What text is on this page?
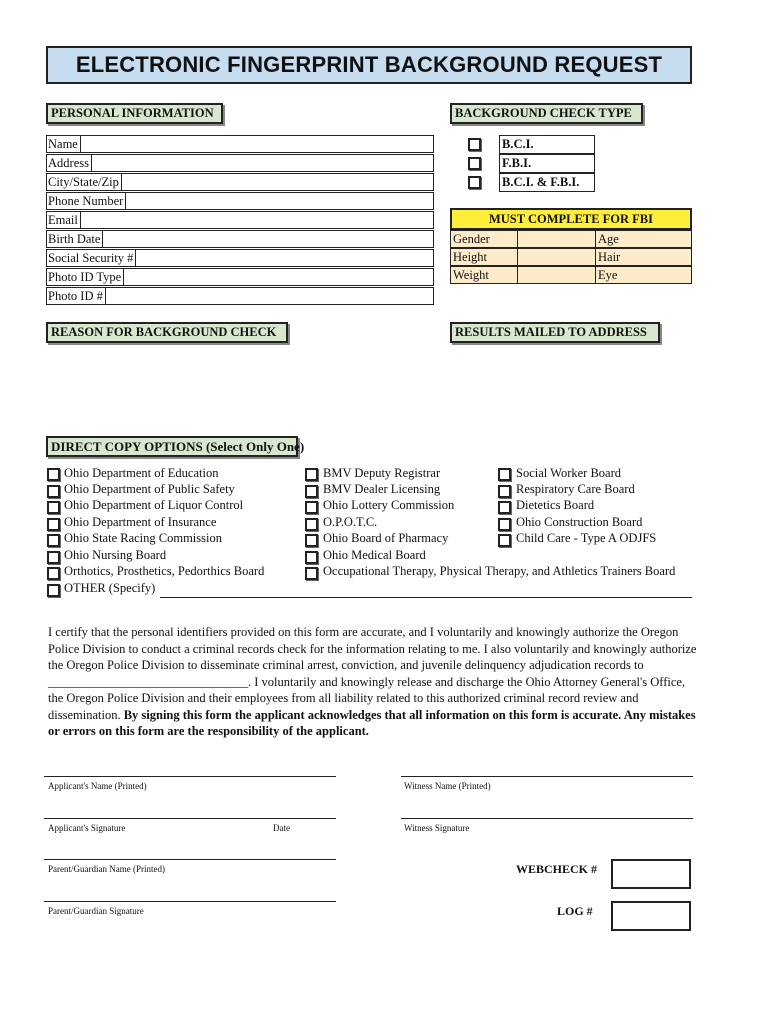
ELECTRONIC FINGERPRINT BACKGROUND REQUEST
PERSONAL INFORMATION	BACKGROUND CHECK TYPE
Name
Address
City/State/Zip
Phone Number
Email
Birth Date
Social Security #
Photo ID Type
Photo ID #
B.C.I.
F.B.I.
B.C.I. & F.B.I.
MUST COMPLETE FOR FBI
Gender	Age
Height	Hair
Weight	Eye
REASON FOR BACKGROUND CHECK	RESULTS MAILED TO ADDRESS
DIRECT COPY OPTIONS (Select Only One)
Ohio Department of Education
Ohio Department of Public Safety
Ohio Department of Liquor Control
Ohio Department of Insurance
Ohio State Racing Commission
Ohio Nursing Board
Orthotics, Prosthetics, Pedorthics Board
OTHER (Specify)
BMV Deputy Registrar
BMV Dealer Licensing
Ohio Lottery Commission
O.P.O.T.C.
Ohio Board of Pharmacy
Ohio Medical Board
Occupational Therapy, Physical Therapy, and Athletics Trainers Board
Social Worker Board
Respiratory Care Board
Dietetics Board
Ohio Construction Board
Child Care - Type A ODJFS
I certify that the personal identifiers provided on this form are accurate, and I voluntarily and knowingly authorize the Oregon Police Division to conduct a criminal records check for the information relating to me. I also voluntarily and knowingly authorize the Oregon Police Division to disseminate criminal arrest, conviction, and juvenile delinquency adjudication records to ________________________________. I voluntarily and knowingly release and discharge the Ohio Attorney General's Office, the Oregon Police Division and their employees from all liability related to this authorized criminal record review and dissemination. By signing this form the applicant acknowledges that all information on this form is accurate. Any mistakes or errors on this form are the responsibility of the applicant.
Applicant's Name (Printed)	Witness Name (Printed)
Applicant's Signature	Date	Witness Signature
Parent/Guardian Name (Printed)	WEBCHECK #
Parent/Guardian Signature	LOG #
